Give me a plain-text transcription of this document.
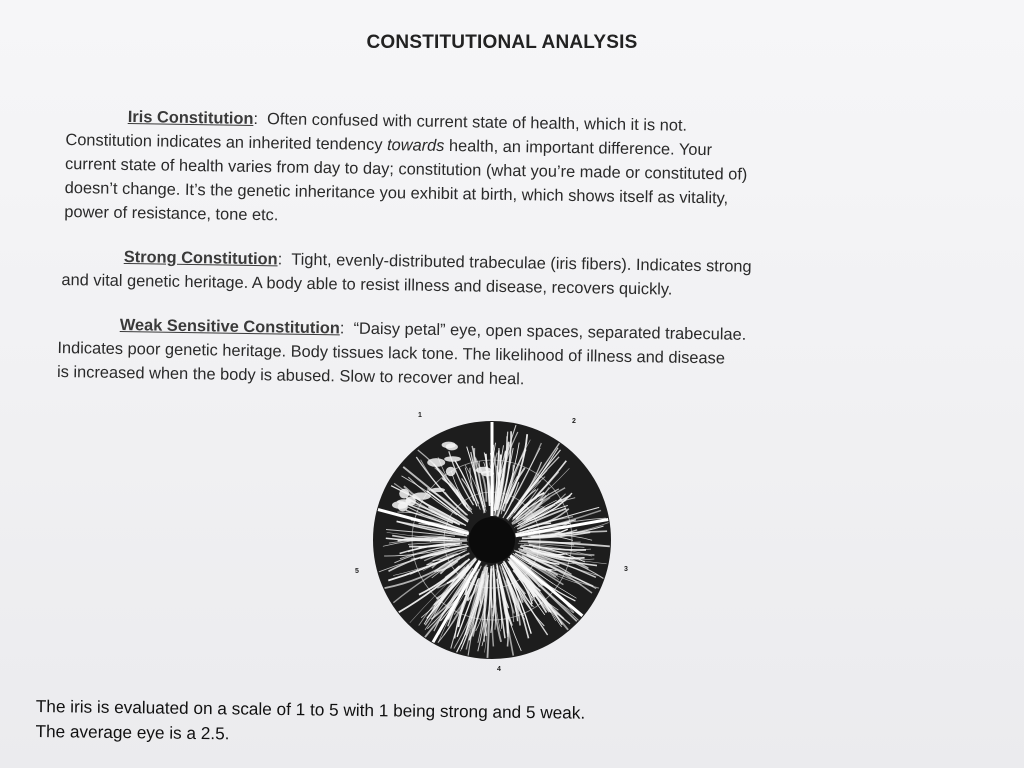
CONSTITUTIONAL ANALYSIS
Iris Constitution: Often confused with current state of health, which it is not.
Constitution indicates an inherited tendency towards health, an important difference. Your
current state of health varies from day to day; constitution (what you’re made or constituted of)
doesn’t change. It’s the genetic inheritance you exhibit at birth, which shows itself as vitality,
power of resistance, tone etc.
Strong Constitution: Tight, evenly-distributed trabeculae (iris fibers). Indicates strong
and vital genetic heritage. A body able to resist illness and disease, recovers quickly.
Weak Sensitive Constitution: “Daisy petal” eye, open spaces, separated trabeculae.
Indicates poor genetic heritage. Body tissues lack tone. The likelihood of illness and disease
is increased when the body is abused. Slow to recover and heal.
1
2
3
4
5
The iris is evaluated on a scale of 1 to 5 with 1 being strong and 5 weak.
The average eye is a 2.5.
